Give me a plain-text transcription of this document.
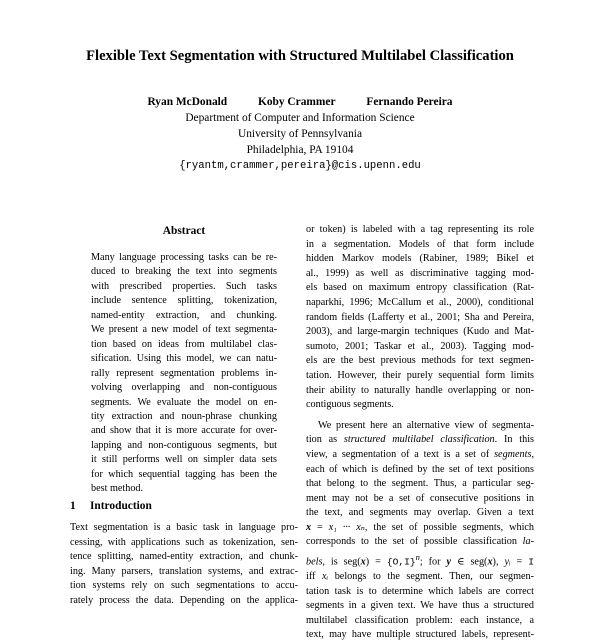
Flexible Text Segmentation with Structured Multilabel Classification
Ryan McDonald	Koby Crammer	Fernando Pereira
Department of Computer and Information Science
University of Pennsylvania
Philadelphia, PA 19104
{ryantm,crammer,pereira}@cis.upenn.edu
Abstract
Many language processing tasks can be re-
duced to breaking the text into segments
with prescribed properties. Such tasks
include sentence splitting, tokenization,
named-entity extraction, and chunking.
We present a new model of text segmenta-
tion based on ideas from multilabel clas-
sification. Using this model, we can natu-
rally represent segmentation problems in-
volving overlapping and non-contiguous
segments. We evaluate the model on en-
tity extraction and noun-phrase chunking
and show that it is more accurate for over-
lapping and non-contiguous segments, but
it still performs well on simpler data sets
for which sequential tagging has been the
best method.
1 Introduction
Text segmentation is a basic task in language pro-
cessing, with applications such as tokenization, sen-
tence splitting, named-entity extraction, and chunk-
ing. Many parsers, translation systems, and extrac-
tion systems rely on such segmentations to accu-
rately process the data. Depending on the applica-
or token) is labeled with a tag representing its role
in a segmentation. Models of that form include
hidden Markov models (Rabiner, 1989; Bikel et
al., 1999) as well as discriminative tagging mod-
els based on maximum entropy classification (Rat-
naparkhi, 1996; McCallum et al., 2000), conditional
random fields (Lafferty et al., 2001; Sha and Pereira,
2003), and large-margin techniques (Kudo and Mat-
sumoto, 2001; Taskar et al., 2003). Tagging mod-
els are the best previous methods for text segmen-
tation. However, their purely sequential form limits
their ability to naturally handle overlapping or non-
contiguous segments.
We present here an alternative view of segmenta-
tion as structured multilabel classification. In this
view, a segmentation of a text is a set of segments,
each of which is defined by the set of text positions
that belong to the segment. Thus, a particular seg-
ment may not be a set of consecutive positions in
the text, and segments may overlap. Given a text
x = x₁ ··· xₙ, the set of possible segments, which
corresponds to the set of possible classification la-
bels, is $seg(x) = \{O,I\}^n$; for y ∈ seg(x), yᵢ = I
iff xᵢ belongs to the segment. Then, our segmen-
tation task is to determine which labels are correct
segments in a given text. We have thus a structured
multilabel classification problem: each instance, a
text, may have multiple structured labels, represent-
